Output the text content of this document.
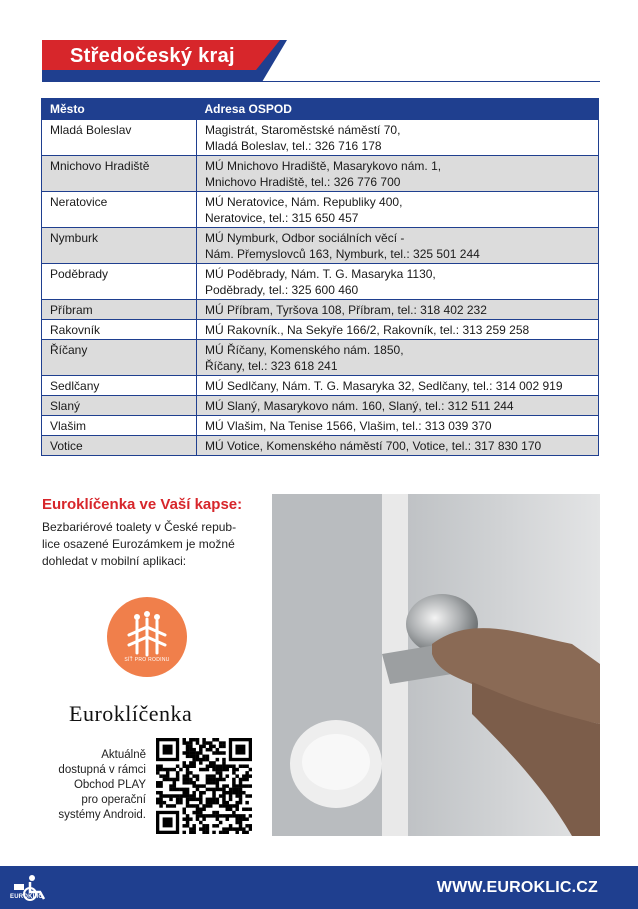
Středočeský kraj
Město	Adresa OSPOD
Mladá Boleslav	Magistrát, Staroměstské náměstí 70,
Mladá Boleslav, tel.: 326 716 178

Mnichovo Hradiště	MÚ Mnichovo Hradiště, Masarykovo nám. 1,
Mnichovo Hradiště, tel.: 326 776 700

Neratovice	MÚ Neratovice, Nám. Republiky 400,
Neratovice, tel.: 315 650 457

Nymburk	MÚ Nymburk, Odbor sociálních věcí -
Nám. Přemyslovců 163, Nymburk, tel.: 325 501 244

Poděbrady	MÚ Poděbrady, Nám. T. G. Masaryka 1130,
Poděbrady, tel.: 325 600 460

Příbram	MÚ Příbram, Tyršova 108, Příbram, tel.: 318 402 232

Rakovník	MÚ Rakovník., Na Sekyře 166/2, Rakovník, tel.: 313 259 258

Říčany	MÚ Říčany, Komenského nám. 1850,
Říčany, tel.: 323 618 241

Sedlčany	MÚ Sedlčany, Nám. T. G. Masaryka 32, Sedlčany, tel.: 314 002 919

Slaný	MÚ Slaný, Masarykovo nám. 160, Slaný, tel.: 312 511 244

Vlašim	MÚ Vlašim, Na Tenise 1566, Vlašim, tel.: 313 039 370

Votice	MÚ Votice, Komenského náměstí 700, Votice, tel.: 317 830 170
Euroklíčenka ve Vaší kapse:
Bezbariérové toalety v České repub-
lice osazené Eurozámkem je možné
dohledat v mobilní aplikaci:
SÍŤ PRO RODINU
Euroklíčenka
Aktuálně
dostupná v rámci
Obchod PLAY
pro operační
systémy Android.
EUROKLÍČ
WWW.EUROKLIC.CZ
